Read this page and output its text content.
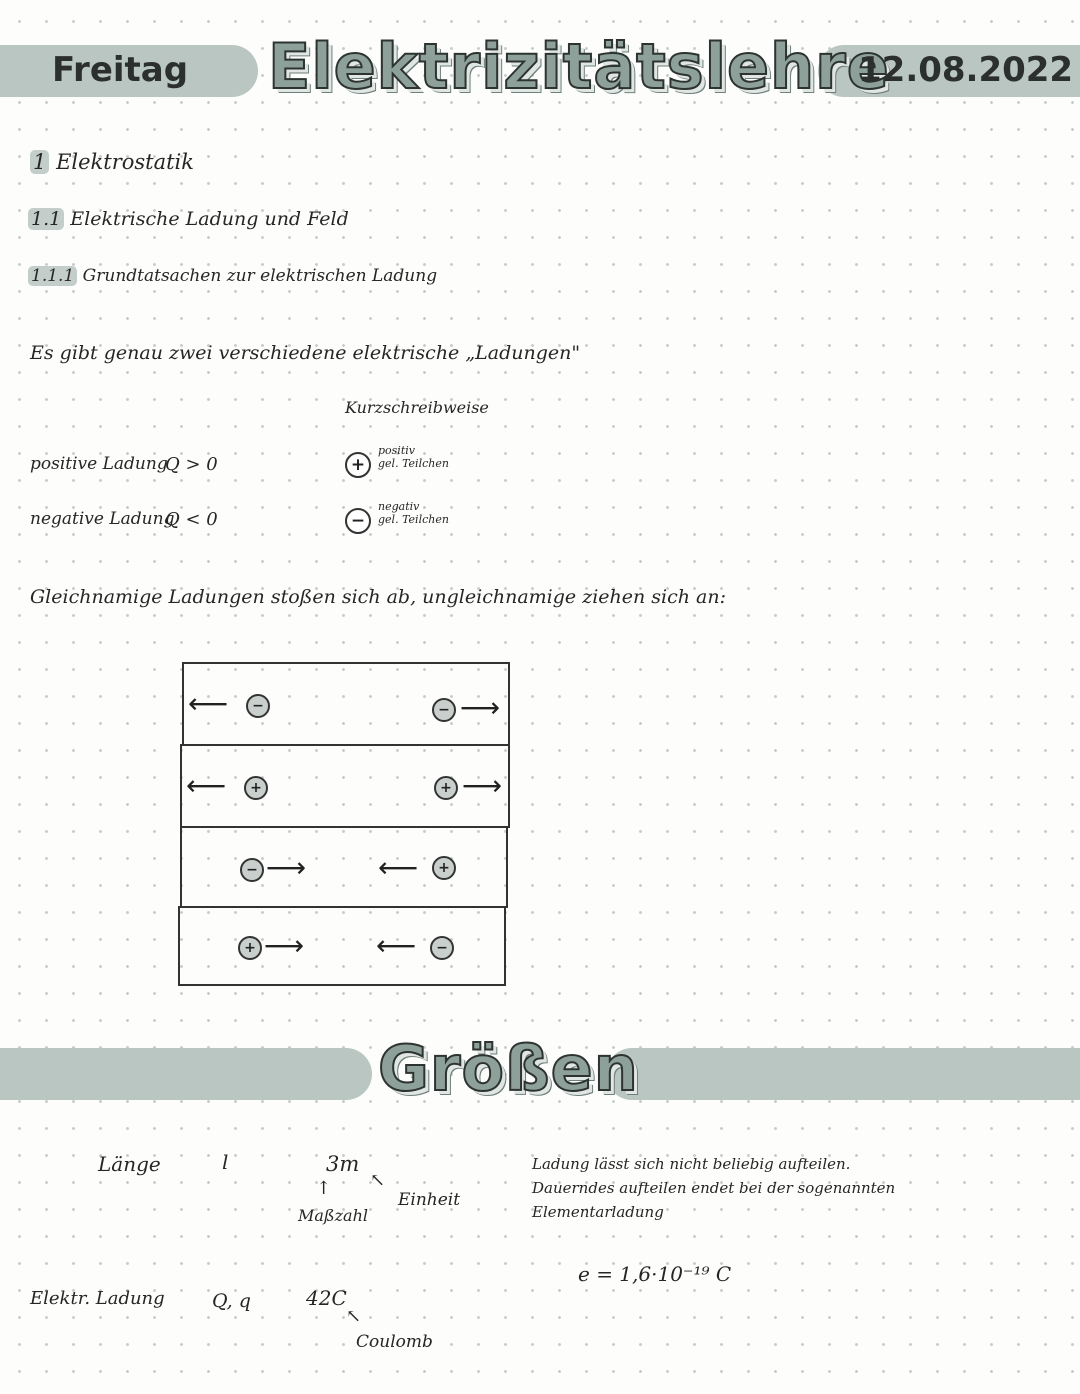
Freitag Elektrizitätslehre
12.08.2022
1 Elektrostatik
1.1 Elektrische Ladung und Feld
1.1.1 Grundtatsachen zur elektrischen Ladung
Es gibt genau zwei verschiedene elektrische „Ladungen"
Kurzschreibweise
positive Ladung
Q > 0	+
positiv
gel. Teilchen
negative Ladung
Q < 0	−
negativ
gel. Teilchen
Gleichnamige Ladungen stoßen sich ab, ungleichnamige ziehen sich an:
⟵	−	− ⟶
⟵	+	+ ⟶
− ⟶	⟵	+
+ ⟶	⟵	−
Größen
Länge	l	3m
↑ ↖
Maßzahl
Einheit
Elektr. Ladung Q, q	42C
↖
Coulomb
Ladung lässt sich nicht beliebig aufteilen.
Dauerndes aufteilen endet bei der sogenannten
Elementarladung
e = 1,6·10⁻¹⁹ C
